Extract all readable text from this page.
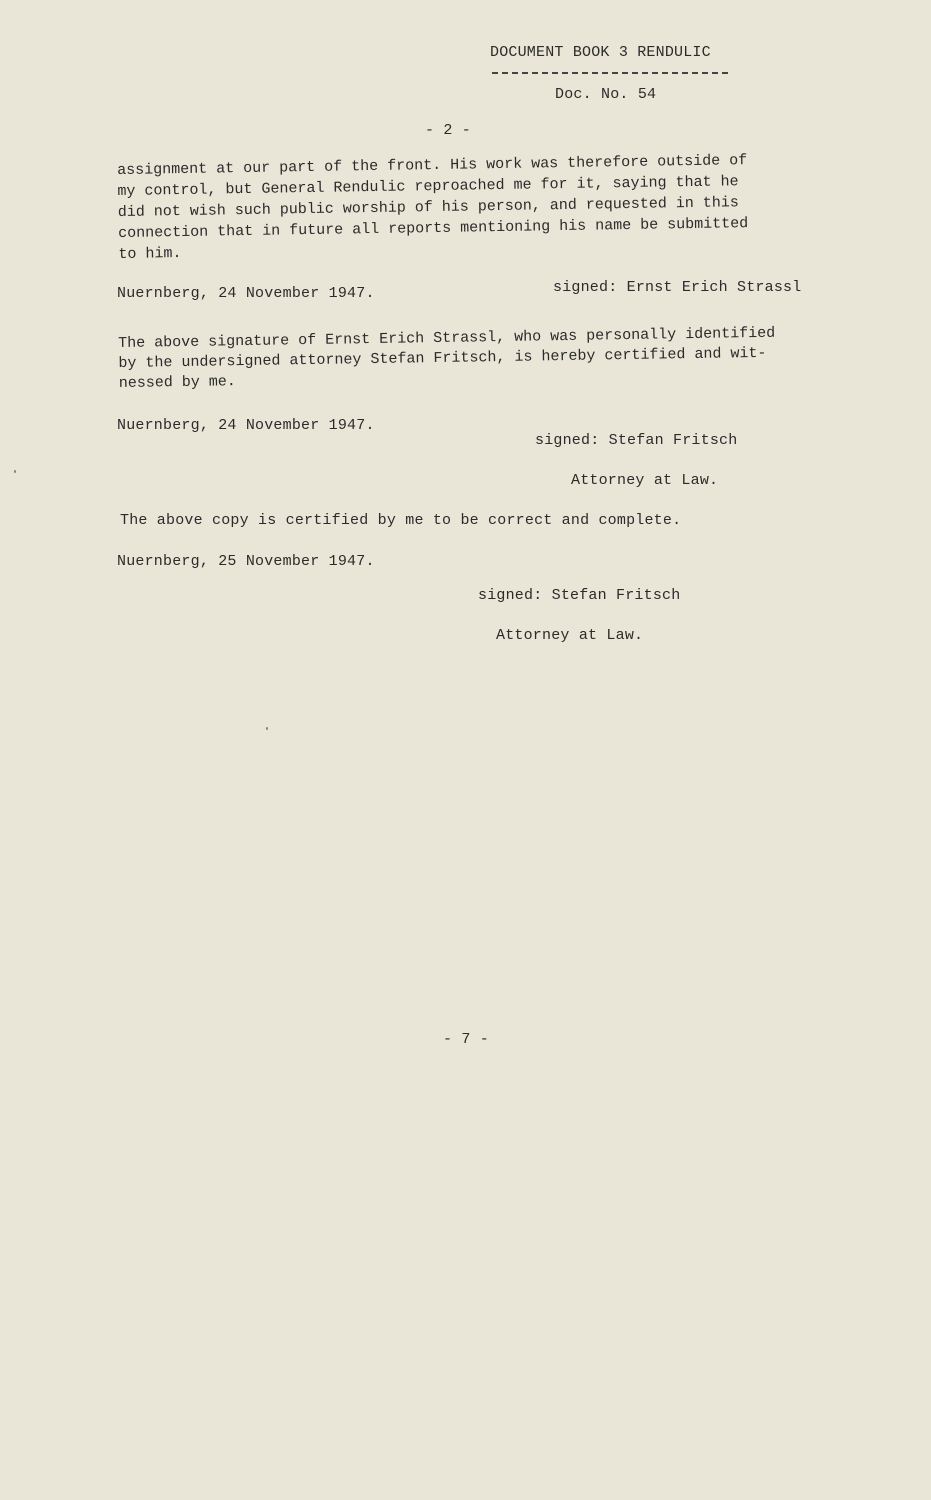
DOCUMENT BOOK 3 RENDULIC
Doc. No. 54
- 2 -
assignment at our part of the front. His work was therefore outside of
my control, but General Rendulic reproached me for it, saying that he
did not wish such public worship of his person, and requested in this
connection that in future all reports mentioning his name be submitted
to him.
Nuernberg, 24 November 1947.	signed: Ernst Erich Strassl
The above signature of Ernst Erich Strassl, who was personally identified
by the undersigned attorney Stefan Fritsch, is hereby certified and wit-
nessed by me.
Nuernberg, 24 November 1947.
signed: Stefan Fritsch
Attorney at Law.
The above copy is certified by me to be correct and complete.
Nuernberg, 25 November 1947.
signed: Stefan Fritsch
Attorney at Law.
- 7 -
